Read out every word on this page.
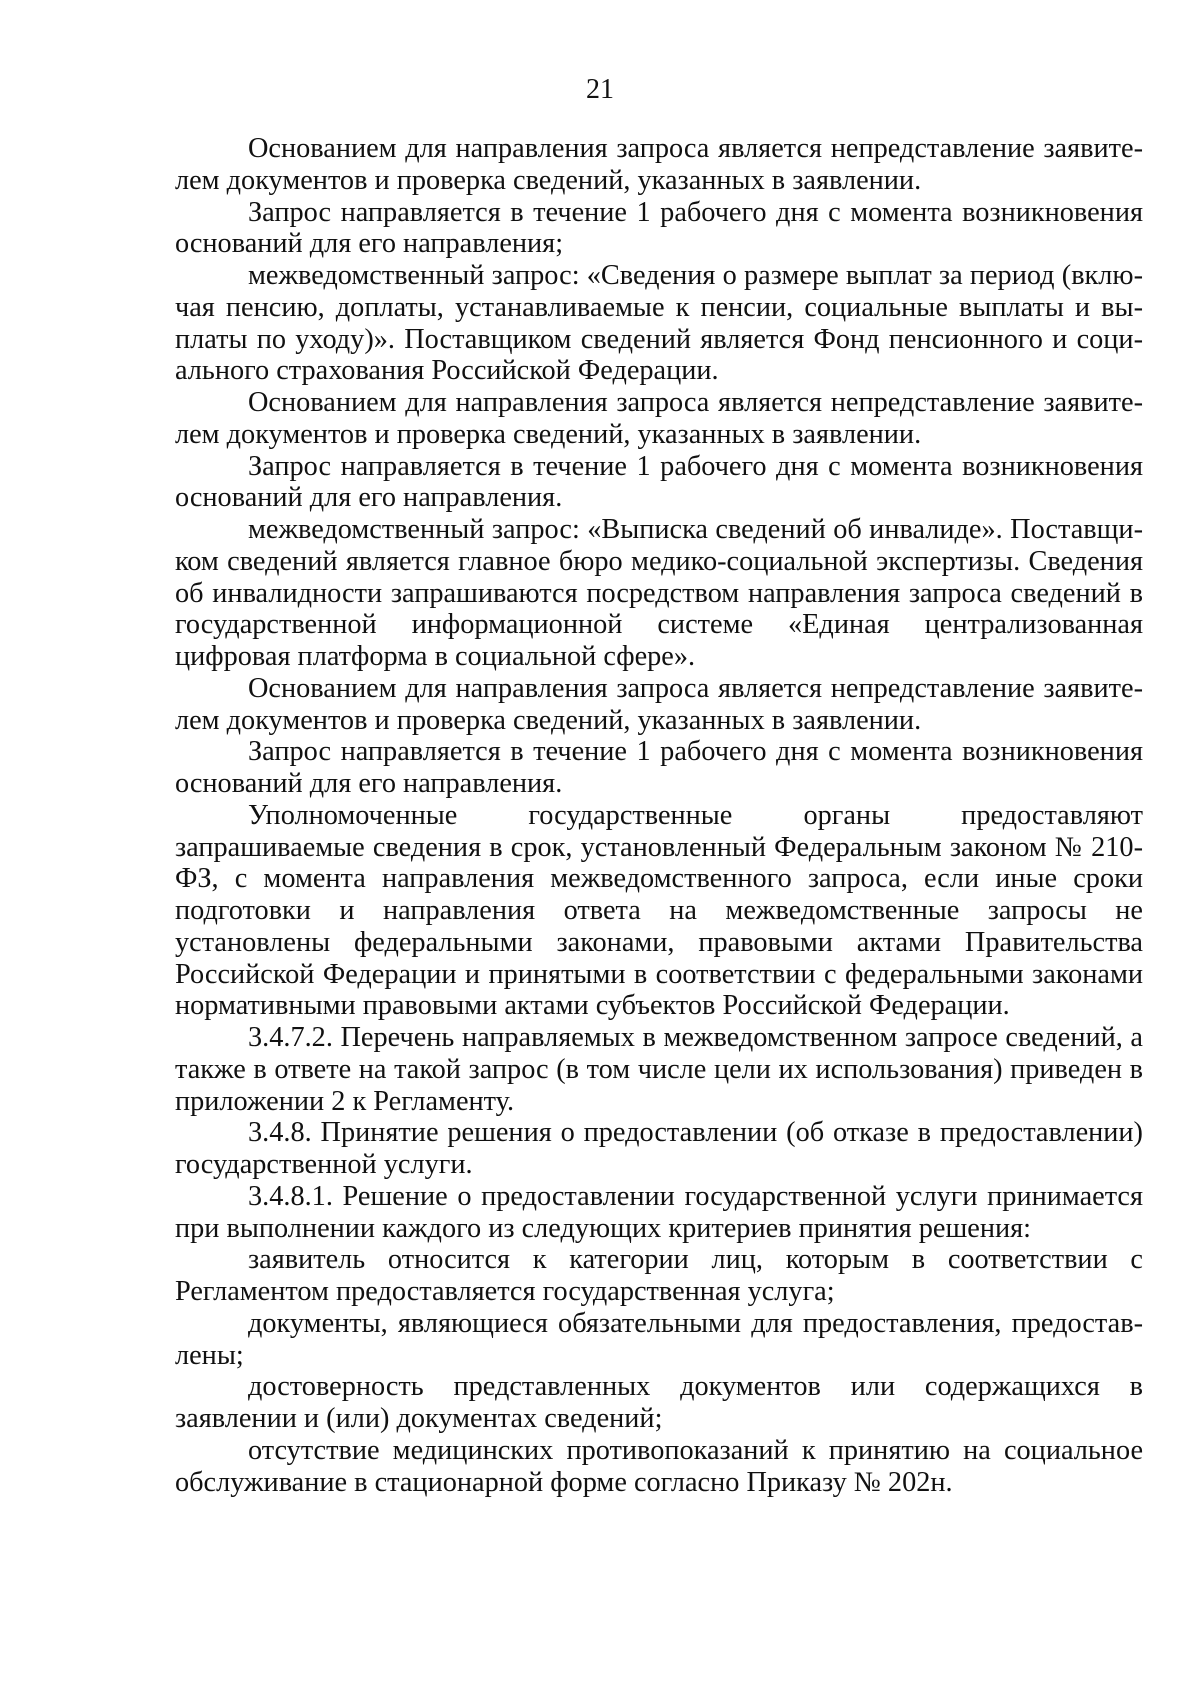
21

Основанием для направления запроса является непредставление заявителем документов и проверка сведений, указанных в заявлении.

Запрос направляется в течение 1 рабочего дня с момента возникновения оснований для его направления;

межведомственный запрос: «Сведения о размере выплат за период (включая пенсию, доплаты, устанавливаемые к пенсии, социальные выплаты и выплаты по уходу)». Поставщиком сведений является Фонд пенсионного и социального страхования Российской Федерации.

Основанием для направления запроса является непредставление заявителем документов и проверка сведений, указанных в заявлении.

Запрос направляется в течение 1 рабочего дня с момента возникновения оснований для его направления.

межведомственный запрос: «Выписка сведений об инвалиде». Поставщиком сведений является главное бюро медико-социальной экспертизы. Сведения об инвалидности запрашиваются посредством направления запроса сведений в государственной информационной системе «Единая централизованная цифровая платформа в социальной сфере».

Основанием для направления запроса является непредставление заявителем документов и проверка сведений, указанных в заявлении.

Запрос направляется в течение 1 рабочего дня с момента возникновения оснований для его направления.

Уполномоченные государственные органы предоставляют запрашиваемые сведения в срок, установленный Федеральным законом № 210-ФЗ, с момента направления межведомственного запроса, если иные сроки подготовки и направления ответа на межведомственные запросы не установлены федеральными законами, правовыми актами Правительства Российской Федерации и принятыми в соответствии с федеральными законами нормативными правовыми актами субъектов Российской Федерации.

3.4.7.2. Перечень направляемых в межведомственном запросе сведений, а также в ответе на такой запрос (в том числе цели их использования) приведен в приложении 2 к Регламенту.

3.4.8. Принятие решения о предоставлении (об отказе в предоставлении) государственной услуги.

3.4.8.1. Решение о предоставлении государственной услуги принимается при выполнении каждого из следующих критериев принятия решения:

заявитель относится к категории лиц, которым в соответствии с Регламентом предоставляется государственная услуга;

документы, являющиеся обязательными для предоставления, предоставлены;

достоверность представленных документов или содержащихся в заявлении и (или) документах сведений;

отсутствие медицинских противопоказаний к принятию на социальное обслуживание в стационарной форме согласно Приказу № 202н.
